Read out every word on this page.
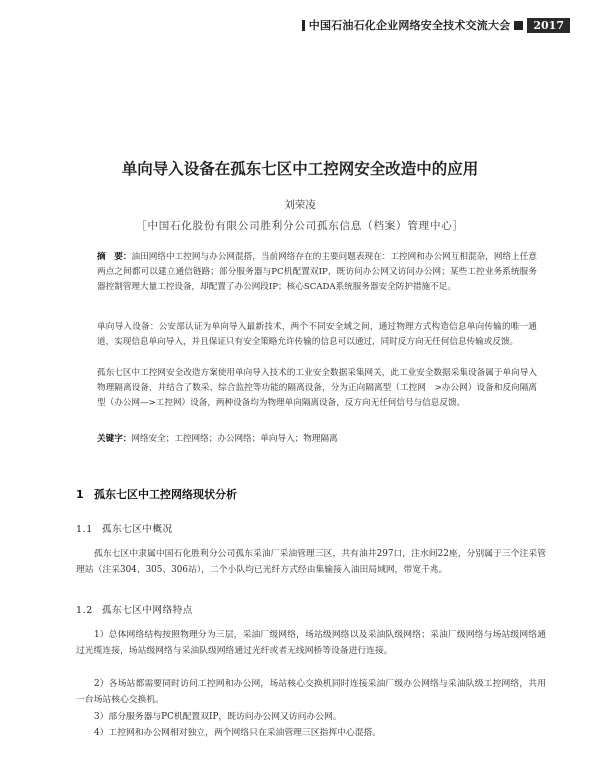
中国石油石化企业网络安全技术交流大会	2017
单向导入设备在孤东七区中工控网安全改造中的应用
刘荣凌
［中国石化股份有限公司胜利分公司孤东信息（档案）管理中心］
摘　要：油田网络中工控网与办公网混搭，当前网络存在的主要问题表现在：工控网和办公网互相混杂，网络上任意两点之间都可以建立通信链路；部分服务器与PC机配置双IP，既访问办公网又访问办公网；某些工控业务系统服务器控制管理大量工控设备，却配置了办公网段IP；核心SCADA系统服务器安全防护措施不足。
单向导入设备：公安部认证为单向导入最新技术，两个不同安全域之间，通过物理方式构造信息单向传输的唯一通道，实现信息单向导入，并且保证只有安全策略允许传输的信息可以通过，同时反方向无任何信息传输或反馈。
孤东七区中工控网安全改造方案使用单向导入技术的工业安全数据采集网关，此工业安全数据采集设备属于单向导入物理隔离设备，并结合了数采、综合监控等功能的隔离设备，分为正向隔离型（工控网　>办公网）设备和反向隔离型（办公网—>工控网）设备，两种设备均为物理单向隔离设备，反方向无任何信号与信息反馈。
关键字：网络安全；工控网络；办公网络；单向导入；物理隔离
1 孤东七区中工控网络现状分析
1.1 孤东七区中概况
孤东七区中隶属中国石化胜利分公司孤东采油厂采油管理三区，共有油井297口，注水间22座，分别属于三个注采管理站（注采304、305、306站），二个小队均已光纤方式经由集输接入油田局域网，带宽千兆。
1.2 孤东七区中网络特点
1）总体网络结构按照物理分为三层，采油厂级网络，场站级网络以及采油队级网络；采油厂级网络与场站级网络通过光缆连接，场站级网络与采油队级网络通过光纤或者无线网桥等设备进行连接。
2）各场站都需要同时访问工控网和办公网，场站核心交换机同时连接采油厂级办公网络与采油队级工控网络，共用一台场站核心交换机。
3）部分服务器与PC机配置双IP，既访问办公网又访问办公网。
4）工控网和办公网相对独立，两个网络只在采油管理三区指挥中心混搭。
